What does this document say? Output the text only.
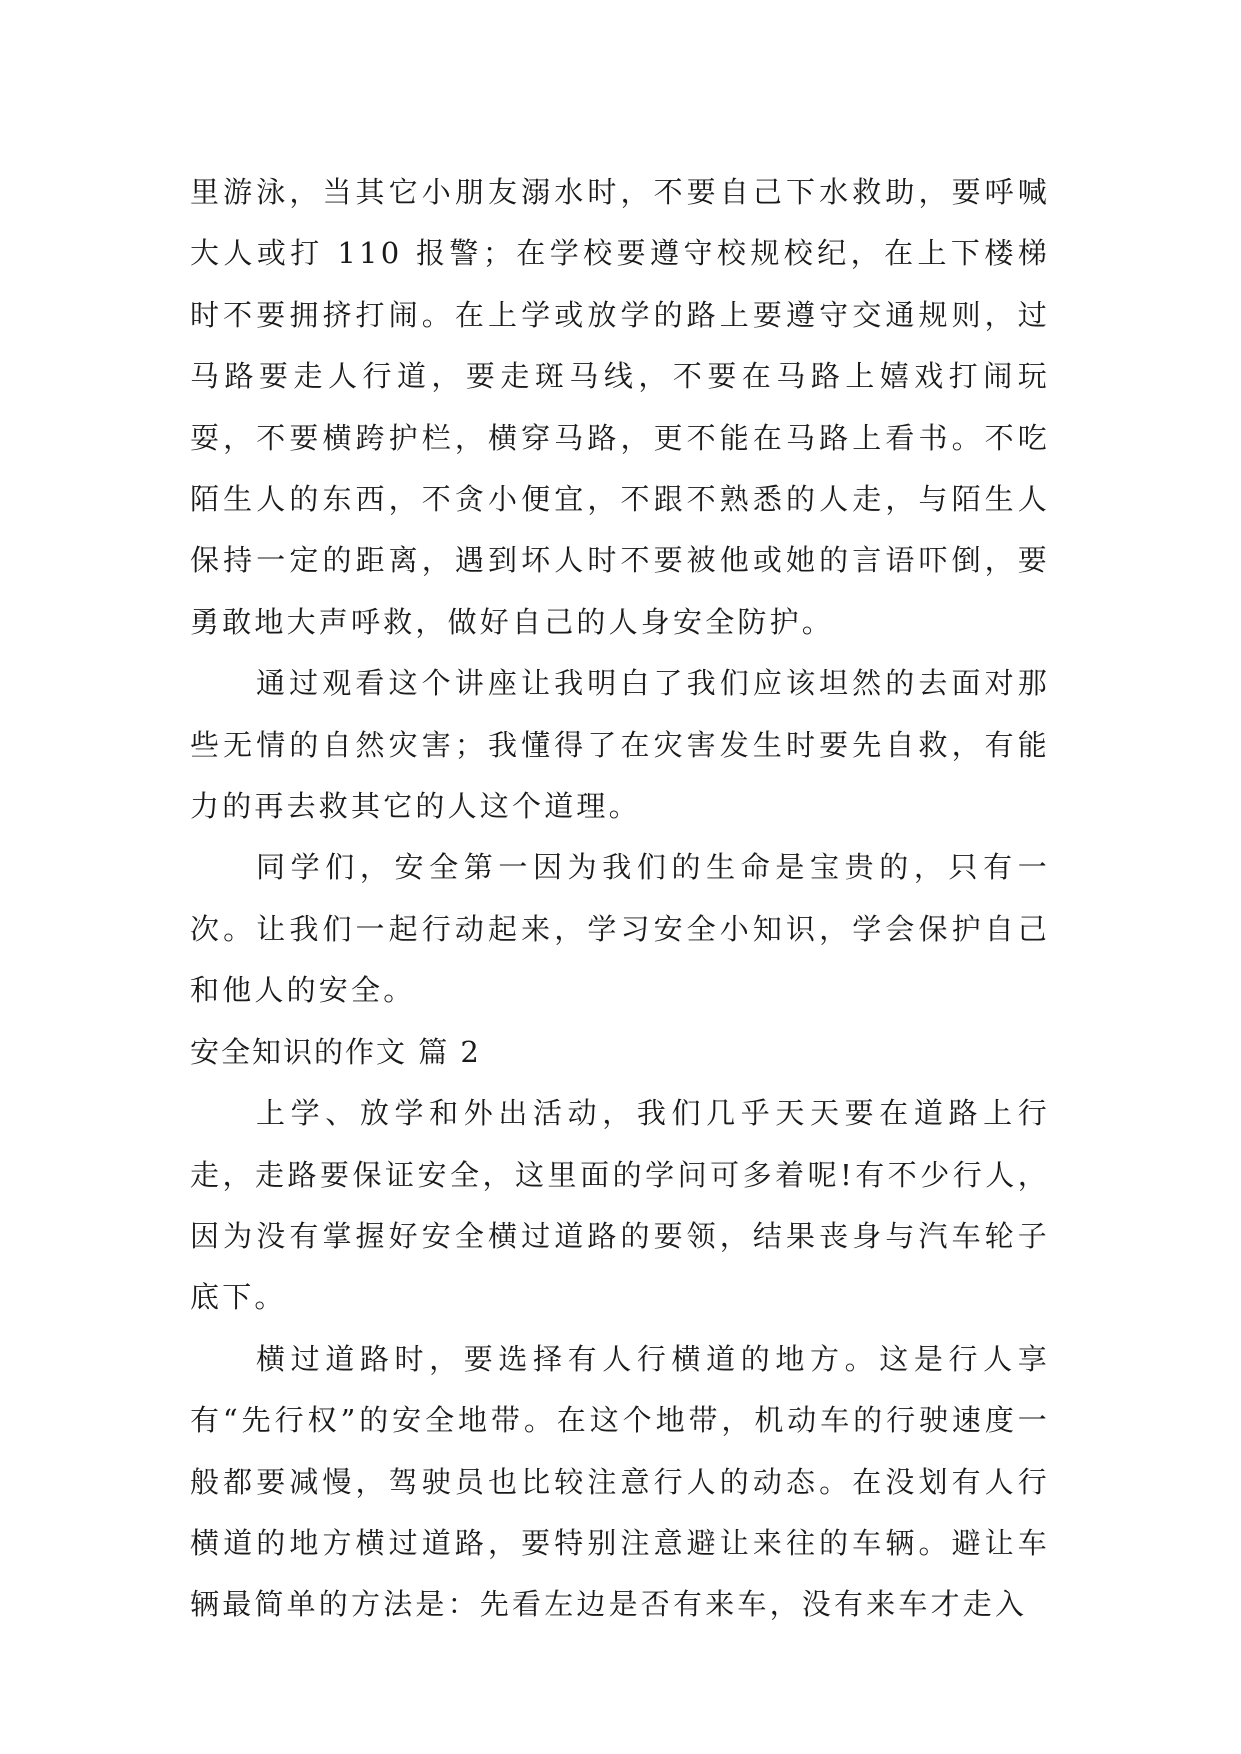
里游泳，当其它小朋友溺水时，不要自己下水救助，要呼喊大人或打 110 报警；在学校要遵守校规校纪，在上下楼梯时不要拥挤打闹。在上学或放学的路上要遵守交通规则，过马路要走人行道，要走斑马线，不要在马路上嬉戏打闹玩耍，不要横跨护栏，横穿马路，更不能在马路上看书。不吃陌生人的东西，不贪小便宜，不跟不熟悉的人走，与陌生人保持一定的距离，遇到坏人时不要被他或她的言语吓倒，要勇敢地大声呼救，做好自己的人身安全防护。

通过观看这个讲座让我明白了我们应该坦然的去面对那些无情的自然灾害；我懂得了在灾害发生时要先自救，有能力的再去救其它的人这个道理。

同学们，安全第一因为我们的生命是宝贵的，只有一次。让我们一起行动起来，学习安全小知识，学会保护自己和他人的安全。

安全知识的作文 篇 2

上学、放学和外出活动，我们几乎天天要在道路上行走，走路要保证安全，这里面的学问可多着呢!有不少行人，因为没有掌握好安全横过道路的要领，结果丧身与汽车轮子底下。

横过道路时，要选择有人行横道的地方。这是行人享有“先行权”的安全地带。在这个地带，机动车的行驶速度一般都要减慢，驾驶员也比较注意行人的动态。在没划有人行横道的地方横过道路，要特别注意避让来往的车辆。避让车辆最简单的方法是：先看左边是否有来车，没有来车才走入
